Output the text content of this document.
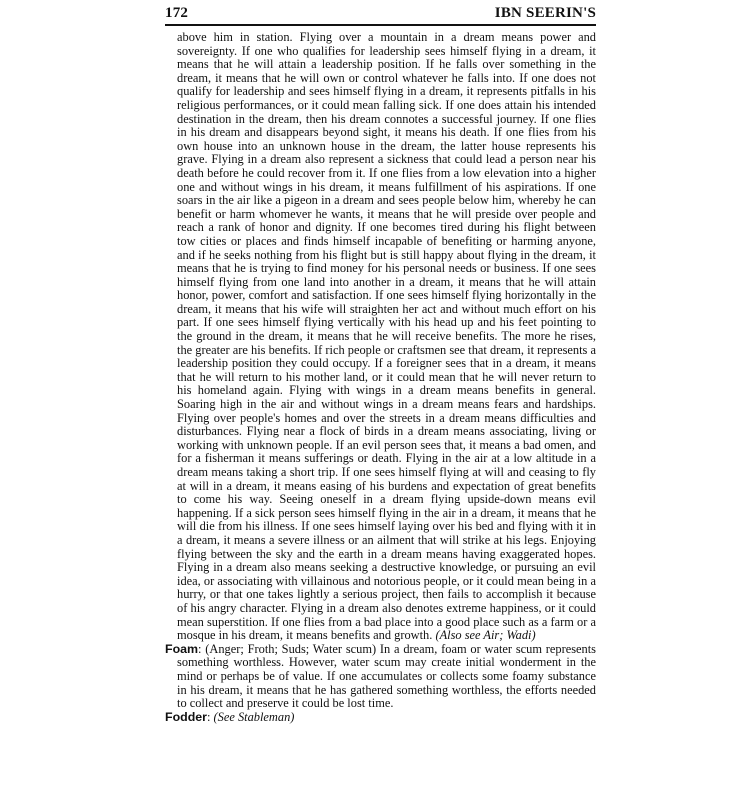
172	IBN SEERIN'S

above him in station. Flying over a mountain in a dream means power and sovereignty. If one who qualifies for leadership sees himself flying in a dream, it means that he will attain a leadership position. If he falls over something in the dream, it means that he will own or control whatever he falls into. If one does not qualify for leadership and sees himself flying in a dream, it represents pitfalls in his religious performances, or it could mean falling sick. If one does attain his intended destination in the dream, then his dream connotes a successful journey. If one flies in his dream and disappears beyond sight, it means his death. If one flies from his own house into an unknown house in the dream, the latter house represents his grave. Flying in a dream also represent a sickness that could lead a person near his death before he could recover from it. If one flies from a low elevation into a higher one and without wings in his dream, it means fulfillment of his aspirations. If one soars in the air like a pigeon in a dream and sees people below him, whereby he can benefit or harm whomever he wants, it means that he will preside over people and reach a rank of honor and dignity. If one becomes tired during his flight between tow cities or places and finds himself incapable of benefiting or harming anyone, and if he seeks nothing from his flight but is still happy about flying in the dream, it means that he is trying to find money for his personal needs or business. If one sees himself flying from one land into another in a dream, it means that he will attain honor, power, comfort and satisfaction. If one sees himself flying horizontally in the dream, it means that his wife will straighten her act and without much effort on his part. If one sees himself flying vertically with his head up and his feet pointing to the ground in the dream, it means that he will receive benefits. The more he rises, the greater are his benefits. If rich people or craftsmen see that dream, it represents a leadership position they could occupy. If a foreigner sees that in a dream, it means that he will return to his mother land, or it could mean that he will never return to his homeland again. Flying with wings in a dream means benefits in general. Soaring high in the air and without wings in a dream means fears and hardships. Flying over people's homes and over the streets in a dream means difficulties and disturbances. Flying near a flock of birds in a dream means associating, living or working with unknown people. If an evil person sees that, it means a bad omen, and for a fisherman it means sufferings or death. Flying in the air at a low altitude in a dream means taking a short trip. If one sees himself flying at will and ceasing to fly at will in a dream, it means easing of his burdens and expectation of great benefits to come his way. Seeing oneself in a dream flying upside-down means evil happening. If a sick person sees himself flying in the air in a dream, it means that he will die from his illness. If one sees himself laying over his bed and flying with it in a dream, it means a severe illness or an ailment that will strike at his legs. Enjoying flying between the sky and the earth in a dream means having exaggerated hopes. Flying in a dream also means seeking a destructive knowledge, or pursuing an evil idea, or associating with villainous and notorious people, or it could mean being in a hurry, or that one takes lightly a serious project, then fails to accomplish it because of his angry character. Flying in a dream also denotes extreme happiness, or it could mean superstition. If one flies from a bad place into a good place such as a farm or a mosque in his dream, it means benefits and growth. (Also see Air; Wadi)

Foam: (Anger; Froth; Suds; Water scum) In a dream, foam or water scum represents something worthless. However, water scum may create initial wonderment in the mind or perhaps be of value. If one accumulates or collects some foamy substance in his dream, it means that he has gathered something worthless, the efforts needed to collect and preserve it could be lost time.

Fodder: (See Stableman)
